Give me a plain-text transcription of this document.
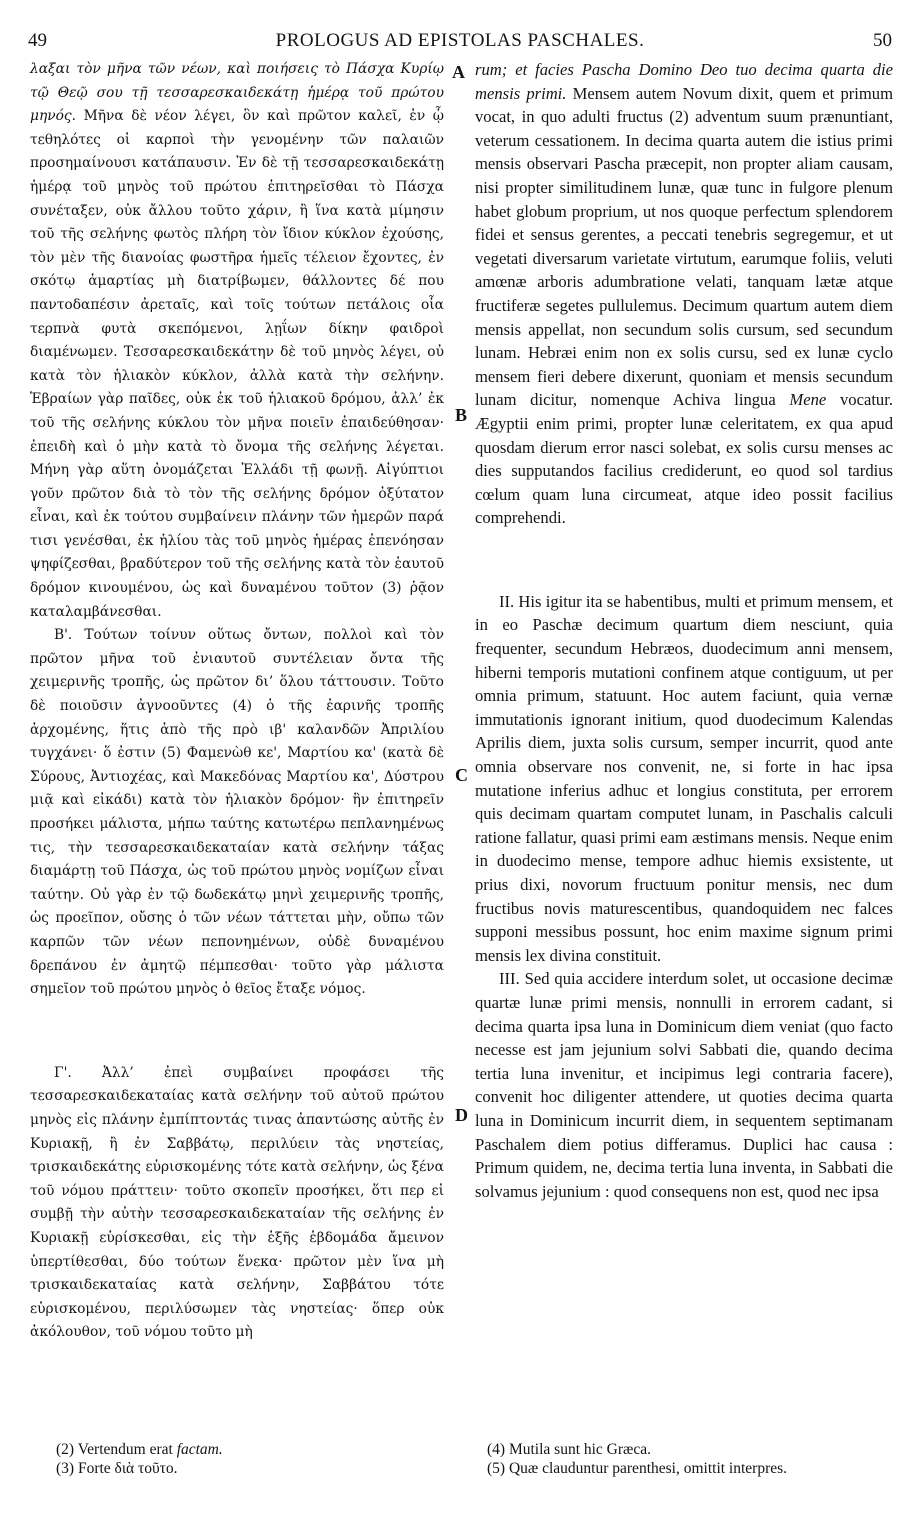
49	PROLOGUS AD EPISTOLAS PASCHALES.	50

λαξαι τὸν μῆνα τῶν νέων, καὶ ποιήσεις τὸ Πάσχα Κυρίῳ τῷ Θεῷ σου τῇ τεσσαρεσκαιδεκάτῃ ἡμέρᾳ τοῦ πρώτου μηνός. Μῆνα δὲ νέον λέγει, ὃν καὶ πρῶτον καλεῖ, ἐν ᾧ τεθηλότες οἱ καρποὶ τὴν γενομένην τῶν παλαιῶν προσημαίνουσι κατάπαυσιν. Ἐν δὲ τῇ τεσσαρεσκαιδεκάτῃ ἡμέρᾳ τοῦ μηνὸς τοῦ πρώτου ἐπιτηρεῖσθαι τὸ Πάσχα συνέταξεν, οὐκ ἄλλου τοῦτο χάριν, ἢ ἵνα κατὰ μίμησιν τοῦ τῆς σελήνης φωτὸς πλήρη τὸν ἴδιον κύκλον ἐχούσης, τὸν μὲν τῆς διανοίας φωστῆρα ἡμεῖς τέλειον ἔχοντες, ἐν σκότῳ ἁμαρτίας μὴ διατρίβωμεν, θάλλοντες δέ που παντοδαπέσιν ἀρεταῖς, καὶ τοῖς τούτων πετάλοις οἷα τερπνὰ φυτὰ σκεπόμενοι, λῃΐων δίκην φαιδροὶ διαμένωμεν. Τεσσαρεσκαιδεκάτην δὲ τοῦ μηνὸς λέγει, οὐ κατὰ τὸν ἡλιακὸν κύκλον, ἀλλὰ κατὰ τὴν σελήνην. Ἑβραίων γὰρ παῖδες, οὐκ ἐκ τοῦ ἡλιακοῦ δρόμου, ἀλλ’ ἐκ τοῦ τῆς σελήνης κύκλου τὸν μῆνα ποιεῖν ἐπαιδεύθησαν· ἐπειδὴ καὶ ὁ μὴν κατὰ τὸ ὄνομα τῆς σελήνης λέγεται. Μήνη γὰρ αὕτη ὀνομάζεται Ἑλλάδι τῇ φωνῇ. Αἰγύπτιοι γοῦν πρῶτον διὰ τὸ τὸν τῆς σελήνης δρόμον ὀξύτατον εἶναι, καὶ ἐκ τούτου συμβαίνειν πλάνην τῶν ἡμερῶν παρά τισι γενέσθαι, ἐκ ἡλίου τὰς τοῦ μηνὸς ἡμέρας ἐπενόησαν ψηφίζεσθαι, βραδύτερον τοῦ τῆς σελήνης κατὰ τὸν ἑαυτοῦ δρόμον κινουμένου, ὡς καὶ δυναμένου τοῦτον (3) ῥᾷον καταλαμβάνεσθαι.

Β'. Τούτων τοίνυν οὕτως ὄντων, πολλοὶ καὶ τὸν πρῶτον μῆνα τοῦ ἐνιαυτοῦ συντέλειαν ὄντα τῆς χειμερινῆς τροπῆς, ὡς πρῶτον δι’ ὅλου τάττουσιν. Τοῦτο δὲ ποιοῦσιν ἀγνοοῦντες (4) ὁ τῆς ἐαρινῆς τροπῆς ἀρχομένης, ἥτις ἀπὸ τῆς πρὸ ιβ' καλανδῶν Ἀπριλίου τυγχάνει· ὅ ἐστιν (5) Φαμενὼθ κε', Μαρτίου κα' (κατὰ δὲ Σύρους, Ἀντιοχέας, καὶ Μακεδόνας Μαρτίου κα', Δύστρου μιᾷ καὶ εἰκάδι) κατὰ τὸν ἡλιακὸν δρόμον· ἣν ἐπιτηρεῖν προσήκει μάλιστα, μήπω ταύτης κατωτέρω πεπλανημένως τις, τὴν τεσσαρεσκαιδεκαταίαν κατὰ σελήνην τάξας διαμάρτῃ τοῦ Πάσχα, ὡς τοῦ πρώτου μηνὸς νομίζων εἶναι ταύτην. Οὐ γὰρ ἐν τῷ δωδεκάτῳ μηνὶ χειμερινῆς τροπῆς, ὡς προεῖπον, οὔσης ὁ τῶν νέων τάττεται μὴν, οὔπω τῶν καρπῶν τῶν νέων πεπονημένων, οὐδὲ δυναμένου δρεπάνου ἐν ἀμητῷ πέμπεσθαι· τοῦτο γὰρ μάλιστα σημεῖον τοῦ πρώτου μηνὸς ὁ θεῖος ἔταξε νόμος.

Γ'. Ἀλλ’ ἐπεὶ συμβαίνει προφάσει τῆς τεσσαρεσκαιδεκαταίας κατὰ σελήνην τοῦ αὐτοῦ πρώτου μηνὸς εἰς πλάνην ἐμπίπτοντάς τινας ἀπαντώσης αὐτῆς ἐν Κυριακῇ, ἢ ἐν Σαββάτῳ, περιλύειν τὰς νηστείας, τρισκαιδεκάτης εὑρισκομένης τότε κατὰ σελήνην, ὡς ξένα τοῦ νόμου πράττειν· τοῦτο σκοπεῖν προσήκει, ὅτι περ εἰ συμβῇ τὴν αὐτὴν τεσσαρεσκαιδεκαταίαν τῆς σελήνης ἐν Κυριακῇ εὑρίσκεσθαι, εἰς τὴν ἑξῆς ἑβδομάδα ἄμεινον ὑπερτίθεσθαι, δύο τούτων ἕνεκα· πρῶτον μὲν ἵνα μὴ τρισκαιδεκαταίας κατὰ σελήνην, Σαββάτου τότε εὑρισκομένου, περιλύσωμεν τὰς νηστείας· ὅπερ οὐκ ἀκόλουθον, τοῦ νόμου τοῦτο μὴ

rum; et facies Pascha Domino Deo tuo decima quarta die mensis primi. Mensem autem Novum dixit, quem et primum vocat, in quo adulti fructus (2) adventum suum prænuntiant, veterum cessationem. In decima quarta autem die istius primi mensis observari Pascha præcepit, non propter aliam causam, nisi propter similitudinem lunæ, quæ tunc in fulgore plenum habet globum proprium, ut nos quoque perfectum splendorem fidei et sensus gerentes, a peccati tenebris segregemur, et ut vegetati diversarum varietate virtutum, earumque foliis, veluti amœnæ arboris adumbratione velati, tanquam lætæ atque fructiferæ segetes pullulemus. Decimum quartum autem diem mensis appellat, non secundum solis cursum, sed secundum lunam. Hebræi enim non ex solis cursu, sed ex lunæ cyclo mensem fieri debere dixerunt, quoniam et mensis secundum lunam dicitur, nomenque Achiva lingua Mene vocatur. Ægyptii enim primi, propter lunæ celeritatem, ex qua apud quosdam dierum error nasci solebat, ex solis cursu menses ac dies supputandos facilius crediderunt, eo quod sol tardius cœlum quam luna circumeat, atque ideo possit facilius comprehendi.

II. His igitur ita se habentibus, multi et primum mensem, et in eo Paschæ decimum quartum diem nesciunt, quia frequenter, secundum Hebræos, duodecimum anni mensem, hiberni temporis mutationi confinem atque contiguum, ut per omnia primum, statuunt. Hoc autem faciunt, quia vernæ immutationis ignorant initium, quod duodecimum Kalendas Aprilis diem, juxta solis cursum, semper incurrit, quod ante omnia observare nos convenit, ne, si forte in hac ipsa mutatione inferius adhuc et longius constituta, per errorem quis decimam quartam computet lunam, in Paschalis calculi ratione fallatur, quasi primi eam æstimans mensis. Neque enim in duodecimo mense, tempore adhuc hiemis exsistente, ut prius dixi, novorum fructuum ponitur mensis, nec dum fructibus novis maturescentibus, quandoquidem nec falces supponi messibus possunt, hoc enim maxime signum primi mensis lex divina constituit.

III. Sed quia accidere interdum solet, ut occasione decimæ quartæ lunæ primi mensis, nonnulli in errorem cadant, si decima quarta ipsa luna in Dominicum diem veniat (quo facto necesse est jam jejunium solvi Sabbati die, quando decima tertia luna invenitur, et incipimus legi contraria facere), convenit hoc diligenter attendere, ut quoties decima quarta luna in Dominicum incurrit diem, in sequentem septimanam Paschalem diem potius differamus. Duplici hac causa : Primum quidem, ne, decima tertia luna inventa, in Sabbati die solvamus jejunium : quod consequens non est, quod nec ipsa

A
B
C
D

(2) Vertendum erat factam.

(3) Forte διὰ τοῦτο.

(4) Mutila sunt hic Græca.

(5) Quæ clauduntur parenthesi, omittit interpres.
